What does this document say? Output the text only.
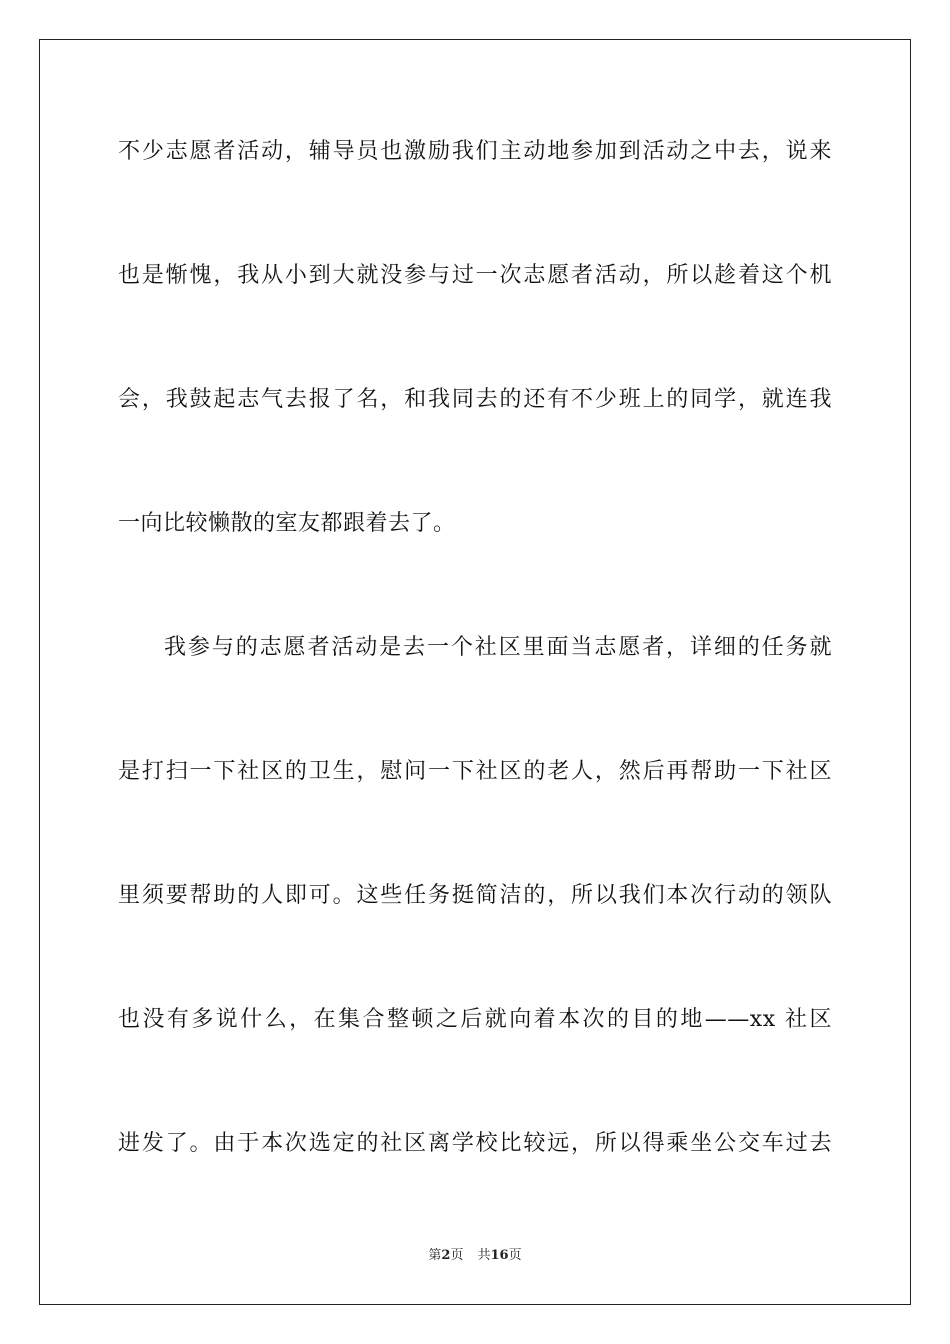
不少志愿者活动，辅导员也激励我们主动地参加到活动之中去，说来
也是惭愧，我从小到大就没参与过一次志愿者活动，所以趁着这个机
会，我鼓起志气去报了名，和我同去的还有不少班上的同学，就连我
一向比较懒散的室友都跟着去了。
我参与的志愿者活动是去一个社区里面当志愿者，详细的任务就
是打扫一下社区的卫生，慰问一下社区的老人，然后再帮助一下社区
里须要帮助的人即可。这些任务挺简洁的，所以我们本次行动的领队
也没有多说什么，在集合整顿之后就向着本次的目的地——xx 社区
进发了。由于本次选定的社区离学校比较远，所以得乘坐公交车过去
第2页 共16页
